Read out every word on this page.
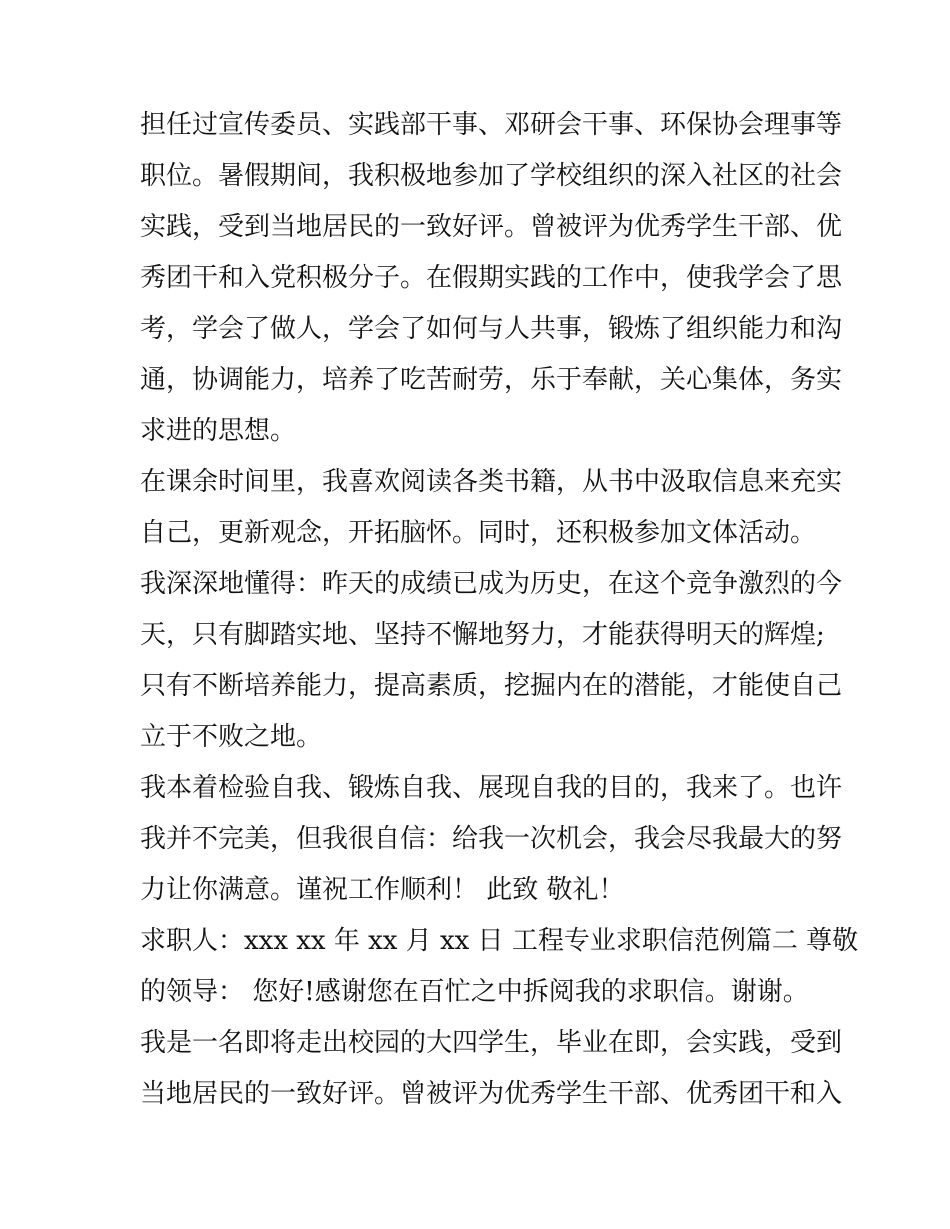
担任过宣传委员、实践部干事、邓研会干事、环保协会理事等
职位。暑假期间，我积极地参加了学校组织的深入社区的社会
实践，受到当地居民的一致好评。曾被评为优秀学生干部、优
秀团干和入党积极分子。在假期实践的工作中，使我学会了思
考，学会了做人，学会了如何与人共事，锻炼了组织能力和沟
通，协调能力，培养了吃苦耐劳，乐于奉献，关心集体，务实
求进的思想。
在课余时间里，我喜欢阅读各类书籍，从书中汲取信息来充实
自己，更新观念，开拓脑怀。同时，还积极参加文体活动。
我深深地懂得：昨天的成绩已成为历史，在这个竞争激烈的今
天，只有脚踏实地、坚持不懈地努力，才能获得明天的辉煌;
只有不断培养能力，提高素质，挖掘内在的潜能，才能使自己
立于不败之地。
我本着检验自我、锻炼自我、展现自我的目的，我来了。也许
我并不完美，但我很自信：给我一次机会，我会尽我最大的努
力让你满意。谨祝工作顺利！ 此致 敬礼！
求职人：xxx xx 年 xx 月 xx 日 工程专业求职信范例篇二 尊敬
的领导： 您好!感谢您在百忙之中拆阅我的求职信。谢谢。
我是一名即将走出校园的大四学生，毕业在即，会实践，受到
当地居民的一致好评。曾被评为优秀学生干部、优秀团干和入
